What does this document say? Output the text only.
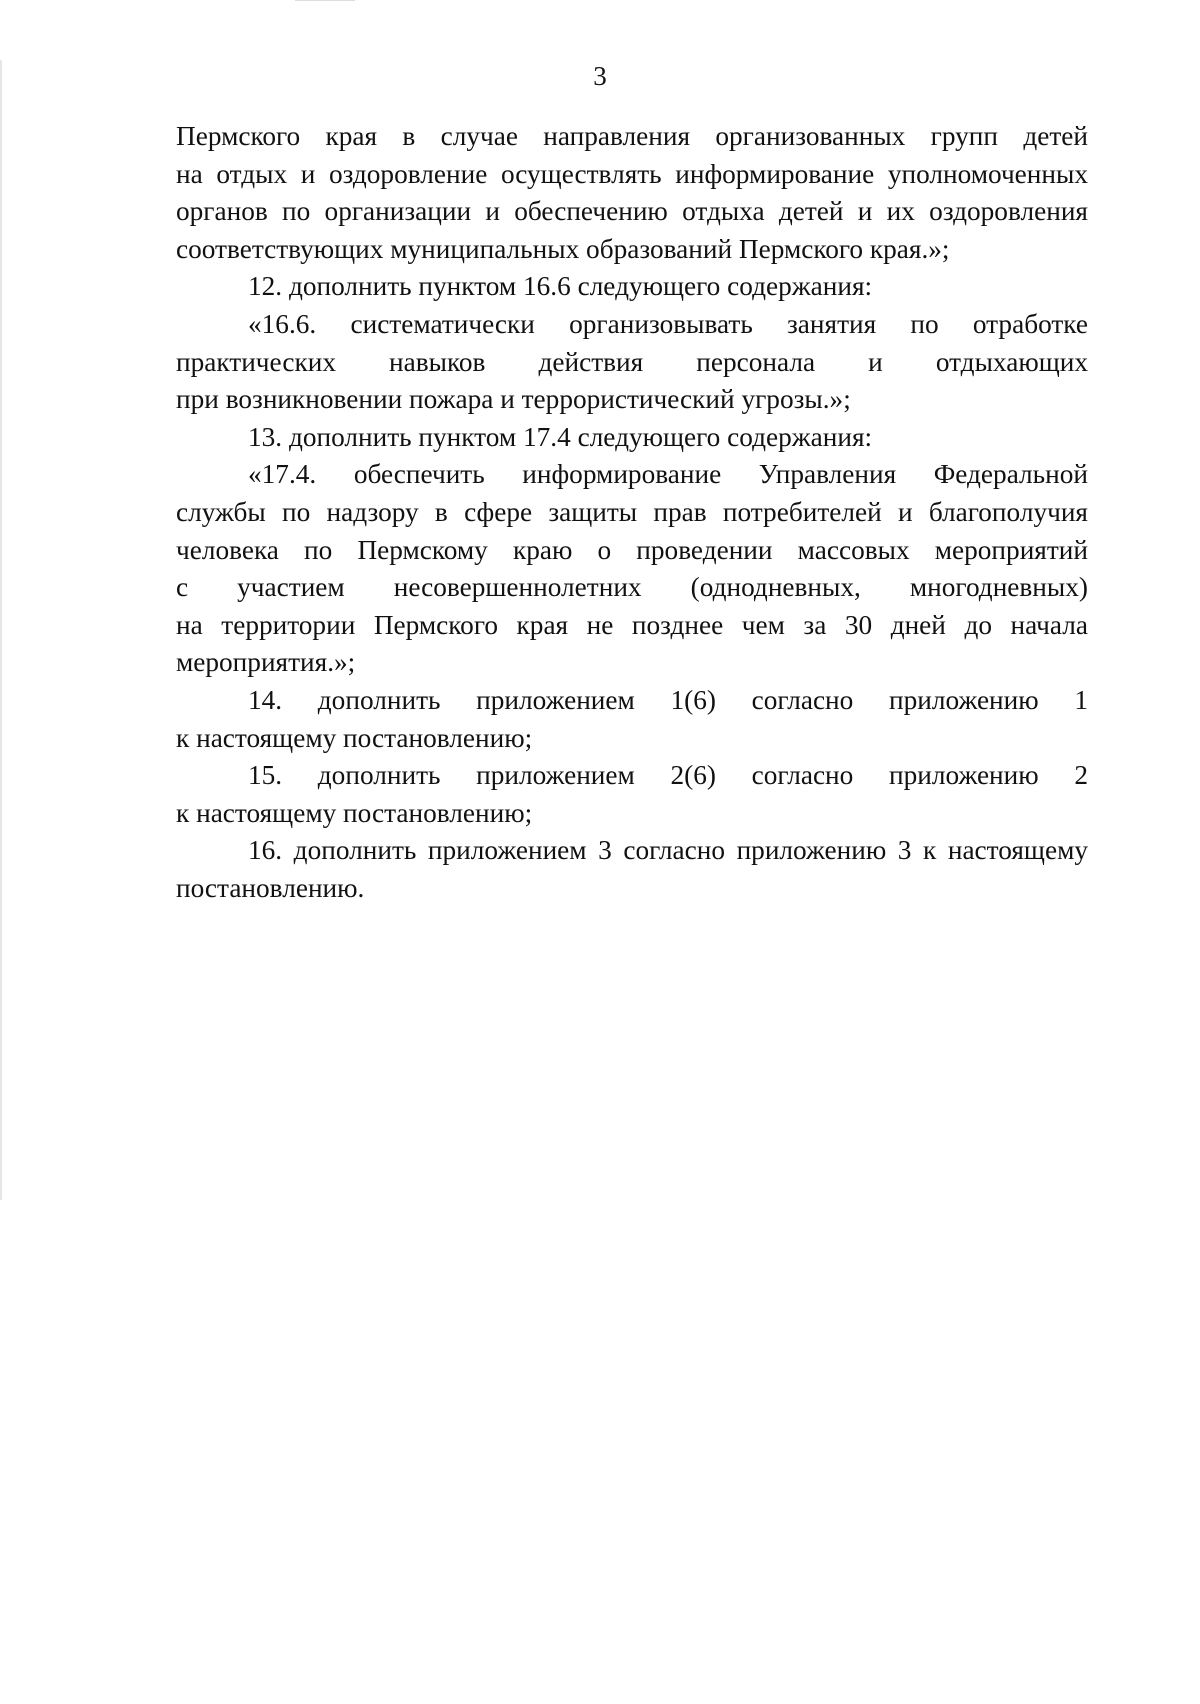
3

Пермского края в случае направления организованных групп детей
на отдых и оздоровление осуществлять информирование уполномоченных
органов по организации и обеспечению отдыха детей и их оздоровления
соответствующих муниципальных образований Пермского края.»;

12. дополнить пунктом 16.6 следующего содержания:

«16.6. систематически организовывать занятия по отработке
практических навыков действия персонала и отдыхающих
при возникновении пожара и террористический угрозы.»;

13. дополнить пунктом 17.4 следующего содержания:

«17.4. обеспечить информирование Управления Федеральной
службы по надзору в сфере защиты прав потребителей и благополучия
человека по Пермскому краю о проведении массовых мероприятий
с участием несовершеннолетних (однодневных, многодневных)
на территории Пермского края не позднее чем за 30 дней до начала
мероприятия.»;

14. дополнить приложением 1(6) согласно приложению 1
к настоящему постановлению;

15. дополнить приложением 2(6) согласно приложению 2
к настоящему постановлению;

16. дополнить приложением 3 согласно приложению 3 к настоящему
постановлению.
